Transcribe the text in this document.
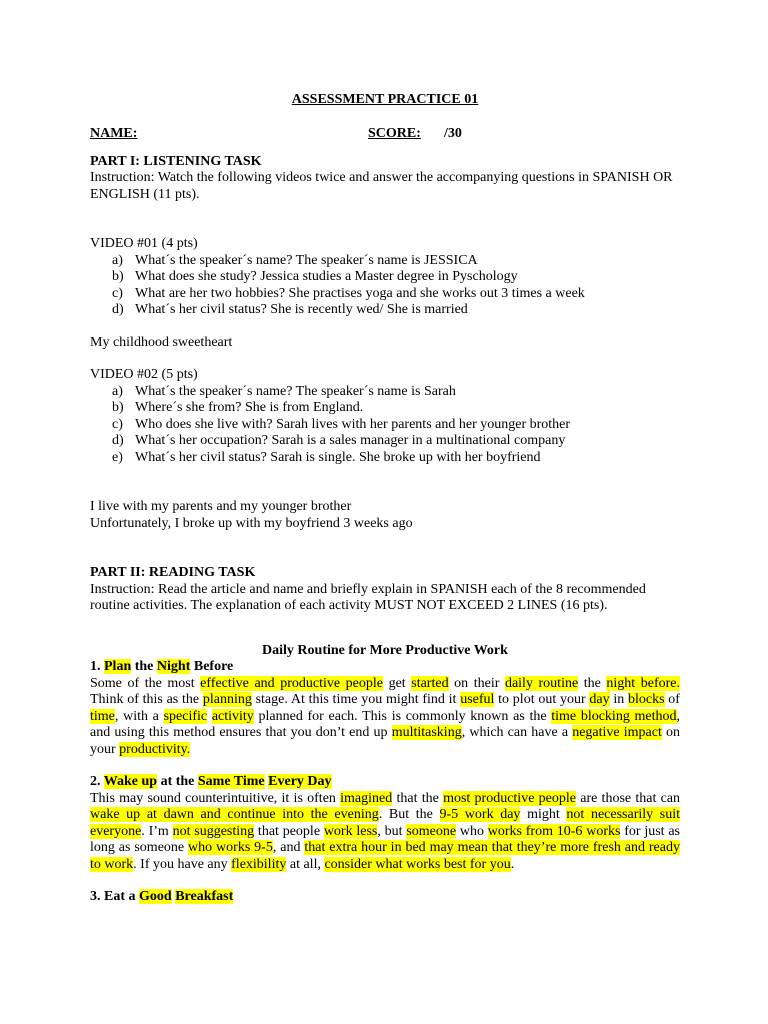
ASSESSMENT PRACTICE 01
NAME:	SCORE: /30
PART I: LISTENING TASK

Instruction: Watch the following videos twice and answer the accompanying questions in SPANISH OR ENGLISH (11 pts).

VIDEO #01 (4 pts)

a) What´s the speaker´s name? The speaker´s name is JESSICA
b) What does she study? Jessica studies a Master degree in Pyschology
c) What are her two hobbies? She practises yoga and she works out 3 times a week
d) What´s her civil status? She is recently wed/ She is married

My childhood sweetheart

VIDEO #02 (5 pts)

a) What´s the speaker´s name? The speaker´s name is Sarah
b) Where´s she from? She is from England.
c) Who does she live with? Sarah lives with her parents and her younger brother
d) What´s her occupation? Sarah is a sales manager in a multinational company
e) What´s her civil status? Sarah is single. She broke up with her boyfriend

I live with my parents and my younger brother

Unfortunately, I broke up with my boyfriend 3 weeks ago

PART II: READING TASK

Instruction: Read the article and name and briefly explain in SPANISH each of the 8 recommended routine activities. The explanation of each activity MUST NOT EXCEED 2 LINES (16 pts).

Daily Routine for More Productive Work
1. Plan the Night Before

Some of the most effective and productive people get started on their daily routine the night before. Think of this as the planning stage. At this time you might find it useful to plot out your day in blocks of time, with a specific activity planned for each. This is commonly known as the time blocking method, and using this method ensures that you don’t end up multitasking, which can have a negative impact on your productivity.

2. Wake up at the Same Time Every Day

This may sound counterintuitive, it is often imagined that the most productive people are those that can wake up at dawn and continue into the evening. But the 9-5 work day might not necessarily suit everyone. I’m not suggesting that people work less, but someone who works from 10-6 works for just as long as someone who works 9-5, and that extra hour in bed may mean that they’re more fresh and ready to work. If you have any flexibility at all, consider what works best for you.

3. Eat a Good Breakfast
